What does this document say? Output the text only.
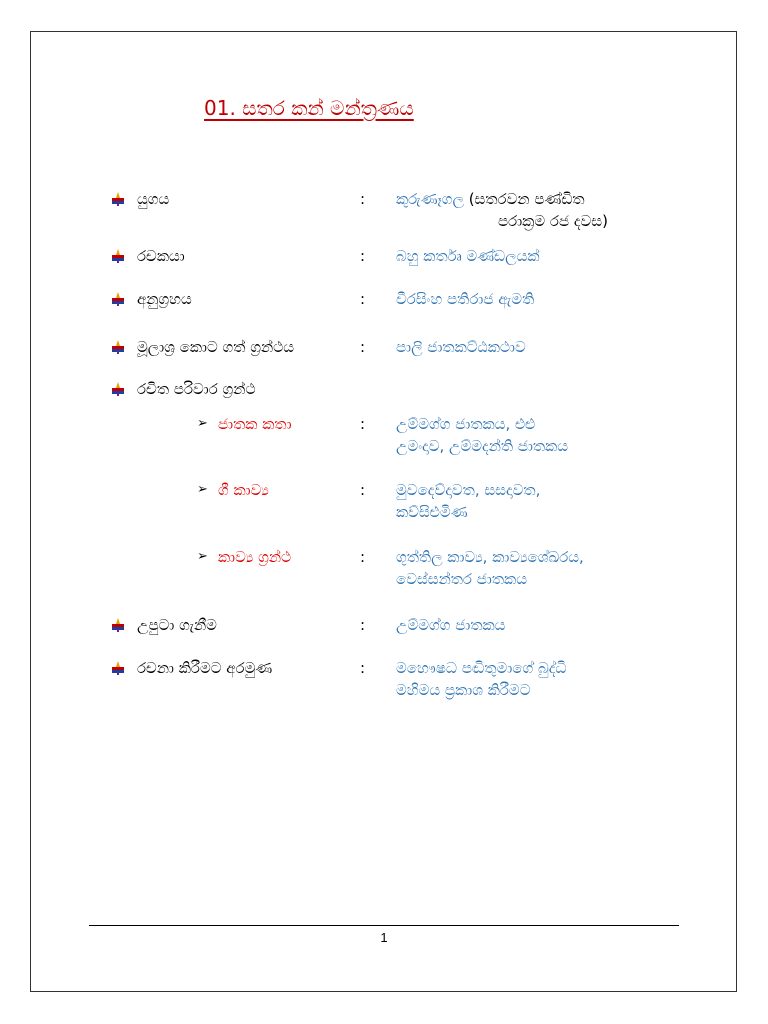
01. සතර කන් මන්ත්‍රණය
යුගය	: කුරුණෑගල (සතරවන පණ්ඩිත
පරාක්‍රම රජ දවස)
රචකයා	: බහු කර්තෘ මණ්ඩලයක්
අනුග්‍රහය	: වීරසිංහ පතිරාජ ඇමති
මූලාශ්‍ර කොට ගත් ග්‍රන්ථය	: පාලි ජාතකට්ඨකථාව
රචිත පරිවාර ග්‍රන්ථ
➢ ජාතක කතා	: උම්මග්ග ජාතකය, එළු
උමංදාව, උම්මදන්ති ජාතකය
➢ ගී කාව්‍ය	: මුවදෙව්දාවත, සසදාවත,
කව්සිළුමිණ
➢ කාව්‍ය ග්‍රන්ථ	: ගුත්තිල කාව්‍ය, කාව්‍යශේඛරය,
වෙස්සන්තර ජාතකය
උපුටා ගැනීම	: උම්මග්ග ජාතකය
රචනා කිරීමට අරමුණ	: මහෞෂධ පඬිතුමාගේ බුද්ධි
මහිමය ප්‍රකාශ කිරීමට
1
